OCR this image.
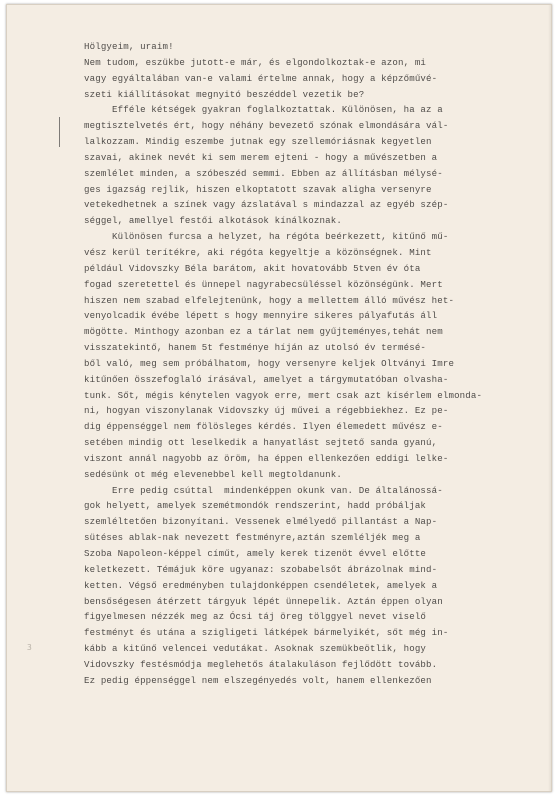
3
Hölgyeim, uraim!
Nem tudom, eszükbe jutott-e már, és elgondolkoztak-e azon, mi
vagy egyáltalában van-e valami értelme annak, hogy a képzőművé-
szeti kiállításokat megnyitó beszéddel vezetik be?
Efféle kétségek gyakran foglalkoztattak. Különösen, ha az a
megtisztelvetés ért, hogy néhány bevezető szónak elmondására vál-
lalkozzam. Mindig eszembe jutnak egy szellemóriásnak kegyetlen
szavai, akinek nevét ki sem merem ejteni - hogy a művészetben a
szemlélet minden, a szóbeszéd semmi. Ebben az állításban mélysé-
ges igazság rejlik, hiszen elkoptatott szavak aligha versenyre
vetekedhetnek a színek vagy ázslatával s mindazzal az egyéb szép-
séggel, amellyel festői alkotások kínálkoznak.
Különösen furcsa a helyzet, ha régóta beérkezett, kitűnő mű-
vész kerül terítékre, aki régóta kegyeltje a közönségnek. Mint
például Vidovszky Béla barátom, akit hovatovább 5tven év óta
fogad szeretettel és ünnepel nagyrabecsüléssel közönségünk. Mert
hiszen nem szabad elfelejtenünk, hogy a mellettem álló művész het-
venyolcadik évébe lépett s hogy mennyire sikeres pályafutás áll
mögötte. Minthogy azonban ez a tárlat nem gyűjteményes,tehát nem
visszatekintő, hanem 5t festménye híján az utolsó év termésé-
ből való, meg sem próbálhatom, hogy versenyre keljek Oltványi Imre
kitűnően összefoglaló írásával, amelyet a tárgymutatóban olvasha-
tunk. Sőt, mégis kénytelen vagyok erre, mert csak azt kísérlem elmonda-
ni, hogyan viszonylanak Vidovszky új művei a régebbiekhez. Ez pe-
dig éppenséggel nem fölösleges kérdés. Ilyen élemedett művész e-
setében mindig ott leselkedik a hanyatlást sejtető sanda gyanú,
viszont annál nagyobb az öröm, ha éppen ellenkezően eddigi lelke-
sedésünk ot még elevenebbel kell megtoldanunk.
Erre pedig csúttal  mindenképpen okunk van. De általánossá-
gok helyett, amelyek szemétmondók rendszerint, hadd próbáljak
szemléltetően bizonyítani. Vessenek elmélyedő pillantást a Nap-
sütéses ablak-nak nevezett festményre,aztán szemléljék meg a
Szoba Napoleon-képpel címűt, amely kerek tizenöt évvel előtte
keletkezett. Témájuk köre ugyanaz: szobabelsőt ábrázolnak mind-
ketten. Végső eredményben tulajdonképpen csendéletek, amelyek a
bensőségesen átérzett tárgyuk lépét ünnepelik. Aztán éppen olyan
figyelmesen nézzék meg az Ócsi táj öreg tölggyel nevet viselő
festményt és utána a szigligeti látképek bármelyikét, sőt még in-
kább a kitűnő velencei vedutákat. Asoknak szemükbeötlik, hogy
Vidovszky festésmódja meglehetős átalakuláson fejlődött tovább.
Ez pedig éppenséggel nem elszegényedés volt, hanem ellenkezően
